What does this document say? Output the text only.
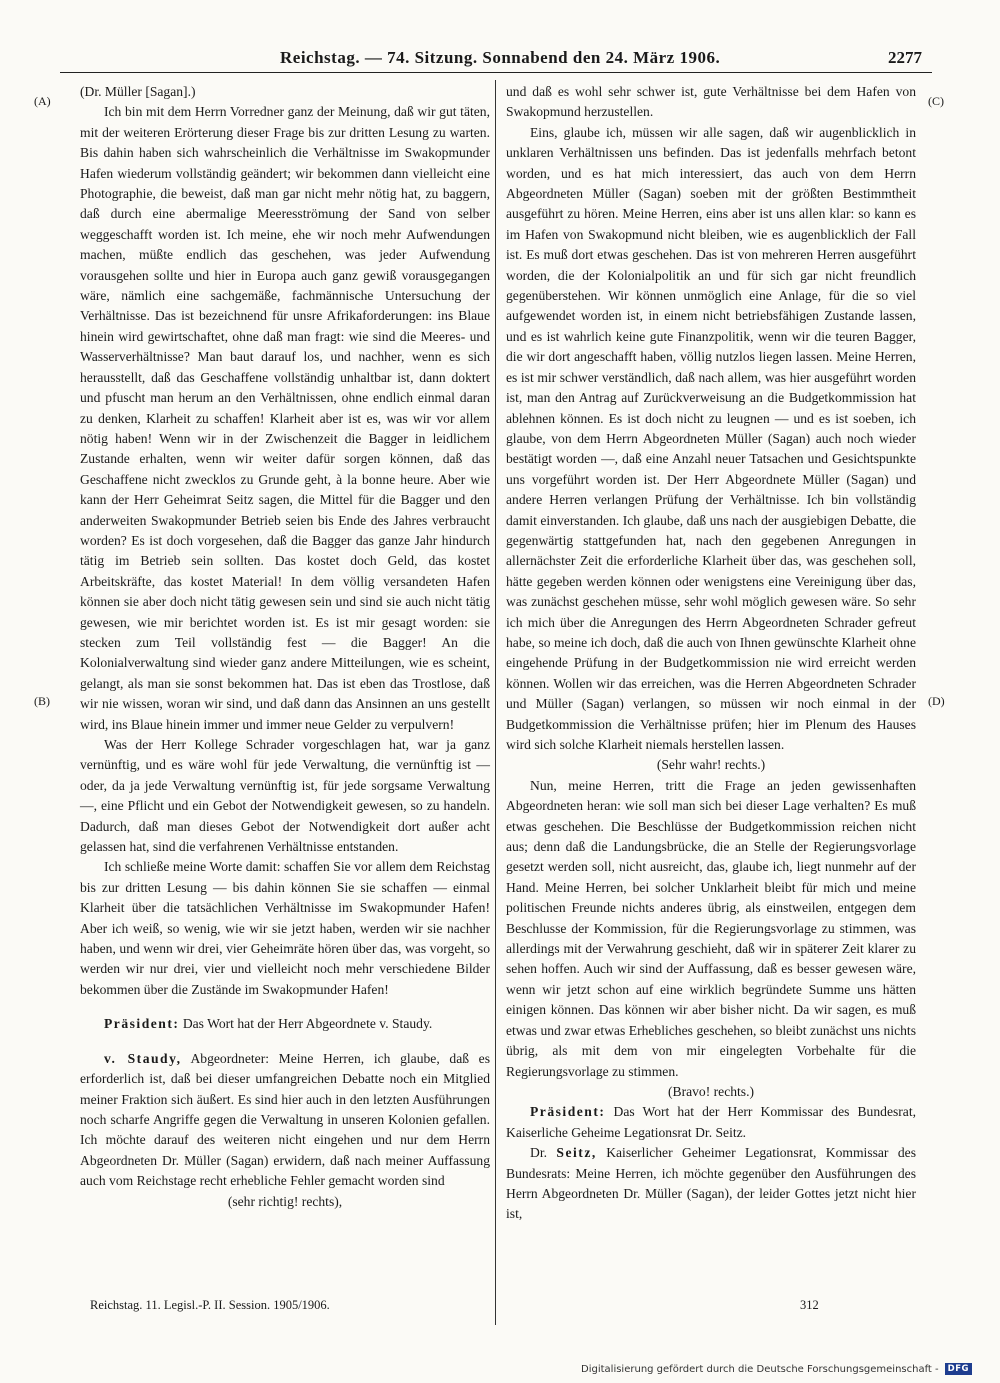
Reichstag. — 74. Sitzung. Sonnabend den 24. März 1906.	2277
(A)
(B)
(C)
(D)

(Dr. Müller [Sagan].)

Ich bin mit dem Herrn Vorredner ganz der Meinung, daß wir gut täten, mit der weiteren Erörterung dieser Frage bis zur dritten Lesung zu warten. Bis dahin haben sich wahrscheinlich die Verhältnisse im Swakopmunder Hafen wiederum vollständig geändert; wir bekommen dann vielleicht eine Photographie, die beweist, daß man gar nicht mehr nötig hat, zu baggern, daß durch eine abermalige Meeresströmung der Sand von selber weggeschafft worden ist. Ich meine, ehe wir noch mehr Aufwendungen machen, müßte endlich das geschehen, was jeder Aufwendung vorausgehen sollte und hier in Europa auch ganz gewiß vorausgegangen wäre, nämlich eine sachgemäße, fachmännische Untersuchung der Verhältnisse. Das ist bezeichnend für unsre Afrikaforderungen: ins Blaue hinein wird gewirtschaftet, ohne daß man fragt: wie sind die Meeres- und Wasserverhältnisse? Man baut darauf los, und nachher, wenn es sich herausstellt, daß das Geschaffene vollständig unhaltbar ist, dann doktert und pfuscht man herum an den Verhältnissen, ohne endlich einmal daran zu denken, Klarheit zu schaffen! Klarheit aber ist es, was wir vor allem nötig haben! Wenn wir in der Zwischenzeit die Bagger in leidlichem Zustande erhalten, wenn wir weiter dafür sorgen können, daß das Geschaffene nicht zwecklos zu Grunde geht, à la bonne heure. Aber wie kann der Herr Geheimrat Seitz sagen, die Mittel für die Bagger und den anderweiten Swakopmunder Betrieb seien bis Ende des Jahres verbraucht worden? Es ist doch vorgesehen, daß die Bagger das ganze Jahr hindurch tätig im Betrieb sein sollten. Das kostet doch Geld, das kostet Arbeitskräfte, das kostet Material! In dem völlig versandeten Hafen können sie aber doch nicht tätig gewesen sein und sind sie auch nicht tätig gewesen, wie mir berichtet worden ist. Es ist mir gesagt worden: sie stecken zum Teil vollständig fest — die Bagger! An die Kolonialverwaltung sind wieder ganz andere Mitteilungen, wie es scheint, gelangt, als man sie sonst bekommen hat. Das ist eben das Trostlose, daß wir nie wissen, woran wir sind, und daß dann das Ansinnen an uns gestellt wird, ins Blaue hinein immer und immer neue Gelder zu verpulvern!

Was der Herr Kollege Schrader vorgeschlagen hat, war ja ganz vernünftig, und es wäre wohl für jede Verwaltung, die vernünftig ist — oder, da ja jede Verwaltung vernünftig ist, für jede sorgsame Verwaltung —, eine Pflicht und ein Gebot der Notwendigkeit gewesen, so zu handeln. Dadurch, daß man dieses Gebot der Notwendigkeit dort außer acht gelassen hat, sind die verfahrenen Verhältnisse entstanden.

Ich schließe meine Worte damit: schaffen Sie vor allem dem Reichstag bis zur dritten Lesung — bis dahin können Sie sie schaffen — einmal Klarheit über die tatsächlichen Verhältnisse im Swakopmunder Hafen! Aber ich weiß, so wenig, wie wir sie jetzt haben, werden wir sie nachher haben, und wenn wir drei, vier Geheimräte hören über das, was vorgeht, so werden wir nur drei, vier und vielleicht noch mehr verschiedene Bilder bekommen über die Zustände im Swakopmunder Hafen!

Präsident: Das Wort hat der Herr Abgeordnete v. Staudy.

v. Staudy, Abgeordneter: Meine Herren, ich glaube, daß es erforderlich ist, daß bei dieser umfangreichen Debatte noch ein Mitglied meiner Fraktion sich äußert. Es sind hier auch in den letzten Ausführungen noch scharfe Angriffe gegen die Verwaltung in unseren Kolonien gefallen. Ich möchte darauf des weiteren nicht eingehen und nur dem Herrn Abgeordneten Dr. Müller (Sagan) erwidern, daß nach meiner Auffassung auch vom Reichstage recht erhebliche Fehler gemacht worden sind

(sehr richtig! rechts),

und daß es wohl sehr schwer ist, gute Verhältnisse bei dem Hafen von Swakopmund herzustellen.

Eins, glaube ich, müssen wir alle sagen, daß wir augenblicklich in unklaren Verhältnissen uns befinden. Das ist jedenfalls mehrfach betont worden, und es hat mich interessiert, das auch von dem Herrn Abgeordneten Müller (Sagan) soeben mit der größten Bestimmtheit ausgeführt zu hören. Meine Herren, eins aber ist uns allen klar: so kann es im Hafen von Swakopmund nicht bleiben, wie es augenblicklich der Fall ist. Es muß dort etwas geschehen. Das ist von mehreren Herren ausgeführt worden, die der Kolonialpolitik an und für sich gar nicht freundlich gegenüberstehen. Wir können unmöglich eine Anlage, für die so viel aufgewendet worden ist, in einem nicht betriebsfähigen Zustande lassen, und es ist wahrlich keine gute Finanzpolitik, wenn wir die teuren Bagger, die wir dort angeschafft haben, völlig nutzlos liegen lassen. Meine Herren, es ist mir schwer verständlich, daß nach allem, was hier ausgeführt worden ist, man den Antrag auf Zurückverweisung an die Budgetkommission hat ablehnen können. Es ist doch nicht zu leugnen — und es ist soeben, ich glaube, von dem Herrn Abgeordneten Müller (Sagan) auch noch wieder bestätigt worden —, daß eine Anzahl neuer Tatsachen und Gesichtspunkte uns vorgeführt worden ist. Der Herr Abgeordnete Müller (Sagan) und andere Herren verlangen Prüfung der Verhältnisse. Ich bin vollständig damit einverstanden. Ich glaube, daß uns nach der ausgiebigen Debatte, die gegenwärtig stattgefunden hat, nach den gegebenen Anregungen in allernächster Zeit die erforderliche Klarheit über das, was geschehen soll, hätte gegeben werden können oder wenigstens eine Vereinigung über das, was zunächst geschehen müsse, sehr wohl möglich gewesen wäre. So sehr ich mich über die Anregungen des Herrn Abgeordneten Schrader gefreut habe, so meine ich doch, daß die auch von Ihnen gewünschte Klarheit ohne eingehende Prüfung in der Budgetkommission nie wird erreicht werden können. Wollen wir das erreichen, was die Herren Abgeordneten Schrader und Müller (Sagan) verlangen, so müssen wir noch einmal in der Budgetkommission die Verhältnisse prüfen; hier im Plenum des Hauses wird sich solche Klarheit niemals herstellen lassen.

(Sehr wahr! rechts.)

Nun, meine Herren, tritt die Frage an jeden gewissenhaften Abgeordneten heran: wie soll man sich bei dieser Lage verhalten? Es muß etwas geschehen. Die Beschlüsse der Budgetkommission reichen nicht aus; denn daß die Landungsbrücke, die an Stelle der Regierungsvorlage gesetzt werden soll, nicht ausreicht, das, glaube ich, liegt nunmehr auf der Hand. Meine Herren, bei solcher Unklarheit bleibt für mich und meine politischen Freunde nichts anderes übrig, als einstweilen, entgegen dem Beschlusse der Kommission, für die Regierungsvorlage zu stimmen, was allerdings mit der Verwahrung geschieht, daß wir in späterer Zeit klarer zu sehen hoffen. Auch wir sind der Auffassung, daß es besser gewesen wäre, wenn wir jetzt schon auf eine wirklich begründete Summe uns hätten einigen können. Das können wir aber bisher nicht. Da wir sagen, es muß etwas und zwar etwas Erhebliches geschehen, so bleibt zunächst uns nichts übrig, als mit dem von mir eingelegten Vorbehalte für die Regierungsvorlage zu stimmen.

(Bravo! rechts.)

Präsident: Das Wort hat der Herr Kommissar des Bundesrat, Kaiserliche Geheime Legationsrat Dr. Seitz.

Dr. Seitz, Kaiserlicher Geheimer Legationsrat, Kommissar des Bundesrats: Meine Herren, ich möchte gegenüber den Ausführungen des Herrn Abgeordneten Dr. Müller (Sagan), der leider Gottes jetzt nicht hier ist,

Reichstag. 11. Legisl.-P. II. Session. 1905/1906.	312
Digitalisierung gefördert durch die Deutsche Forschungsgemeinschaft -	DFG
